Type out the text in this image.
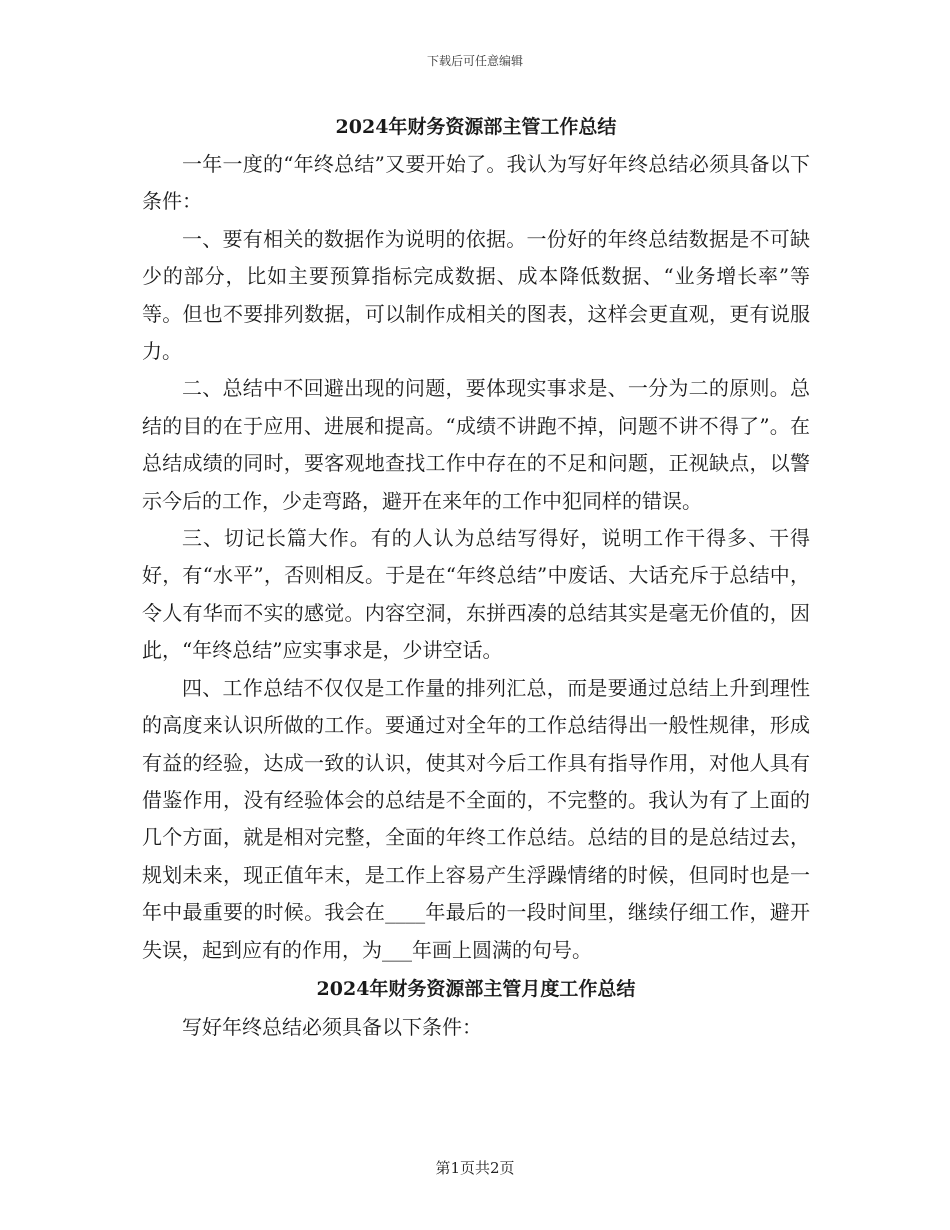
下载后可任意编辑
2024年财务资源部主管工作总结

一年一度的“年终总结”又要开始了。我认为写好年终总结必须具备以下条件：

一、要有相关的数据作为说明的依据。一份好的年终总结数据是不可缺少的部分，比如主要预算指标完成数据、成本降低数据、“业务增长率”等等。但也不要排列数据，可以制作成相关的图表，这样会更直观，更有说服力。

二、总结中不回避出现的问题，要体现实事求是、一分为二的原则。总结的目的在于应用、进展和提高。“成绩不讲跑不掉，问题不讲不得了”。在总结成绩的同时，要客观地查找工作中存在的不足和问题，正视缺点，以警示今后的工作，少走弯路，避开在来年的工作中犯同样的错误。

三、切记长篇大作。有的人认为总结写得好，说明工作干得多、干得好，有“水平”，否则相反。于是在“年终总结”中废话、大话充斥于总结中，令人有华而不实的感觉。内容空洞，东拼西凑的总结其实是毫无价值的，因此，“年终总结”应实事求是，少讲空话。

四、工作总结不仅仅是工作量的排列汇总，而是要通过总结上升到理性的高度来认识所做的工作。要通过对全年的工作总结得出一般性规律，形成有益的经验，达成一致的认识，使其对今后工作具有指导作用，对他人具有借鉴作用，没有经验体会的总结是不全面的，不完整的。我认为有了上面的几个方面，就是相对完整，全面的年终工作总结。总结的目的是总结过去，规划未来，现正值年末，是工作上容易产生浮躁情绪的时候，但同时也是一年中最重要的时候。我会在____年最后的一段时间里，继续仔细工作，避开失误，起到应有的作用，为___年画上圆满的句号。

2024年财务资源部主管月度工作总结

写好年终总结必须具备以下条件：

第1页共2页
